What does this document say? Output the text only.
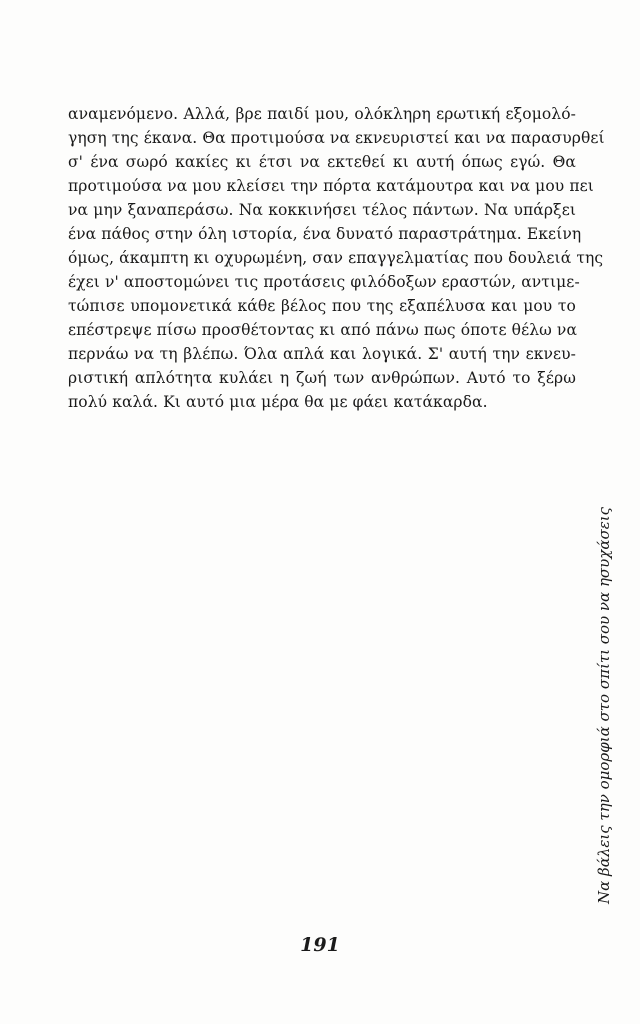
αναμενόμενο. Αλλά, βρε παιδί μου, ολόκληρη ερωτική εξομολό-
γηση της έκανα. Θα προτιμούσα να εκνευριστεί και να παρασυρθεί
σ' ένα σωρό κακίες κι έτσι να εκτεθεί κι αυτή όπως εγώ. Θα
προτιμούσα να μου κλείσει την πόρτα κατάμουτρα και να μου πει
να μην ξαναπεράσω. Να κοκκινήσει τέλος πάντων. Να υπάρξει
ένα πάθος στην όλη ιστορία, ένα δυνατό παραστράτημα. Εκείνη
όμως, άκαμπτη κι οχυρωμένη, σαν επαγγελματίας που δουλειά της
έχει ν' αποστομώνει τις προτάσεις φιλόδοξων εραστών, αντιμε-
τώπισε υπομονετικά κάθε βέλος που της εξαπέλυσα και μου το
επέστρεψε πίσω προσθέτοντας κι από πάνω πως όποτε θέλω να
περνάω να τη βλέπω. Όλα απλά και λογικά. Σ' αυτή την εκνευ-
ριστική απλότητα κυλάει η ζωή των ανθρώπων. Αυτό το ξέρω
πολύ καλά. Κι αυτό μια μέρα θα με φάει κατάκαρδα.
Να βάλεις την ομορφιά στο σπίτι σου να ησυχάσεις
191
